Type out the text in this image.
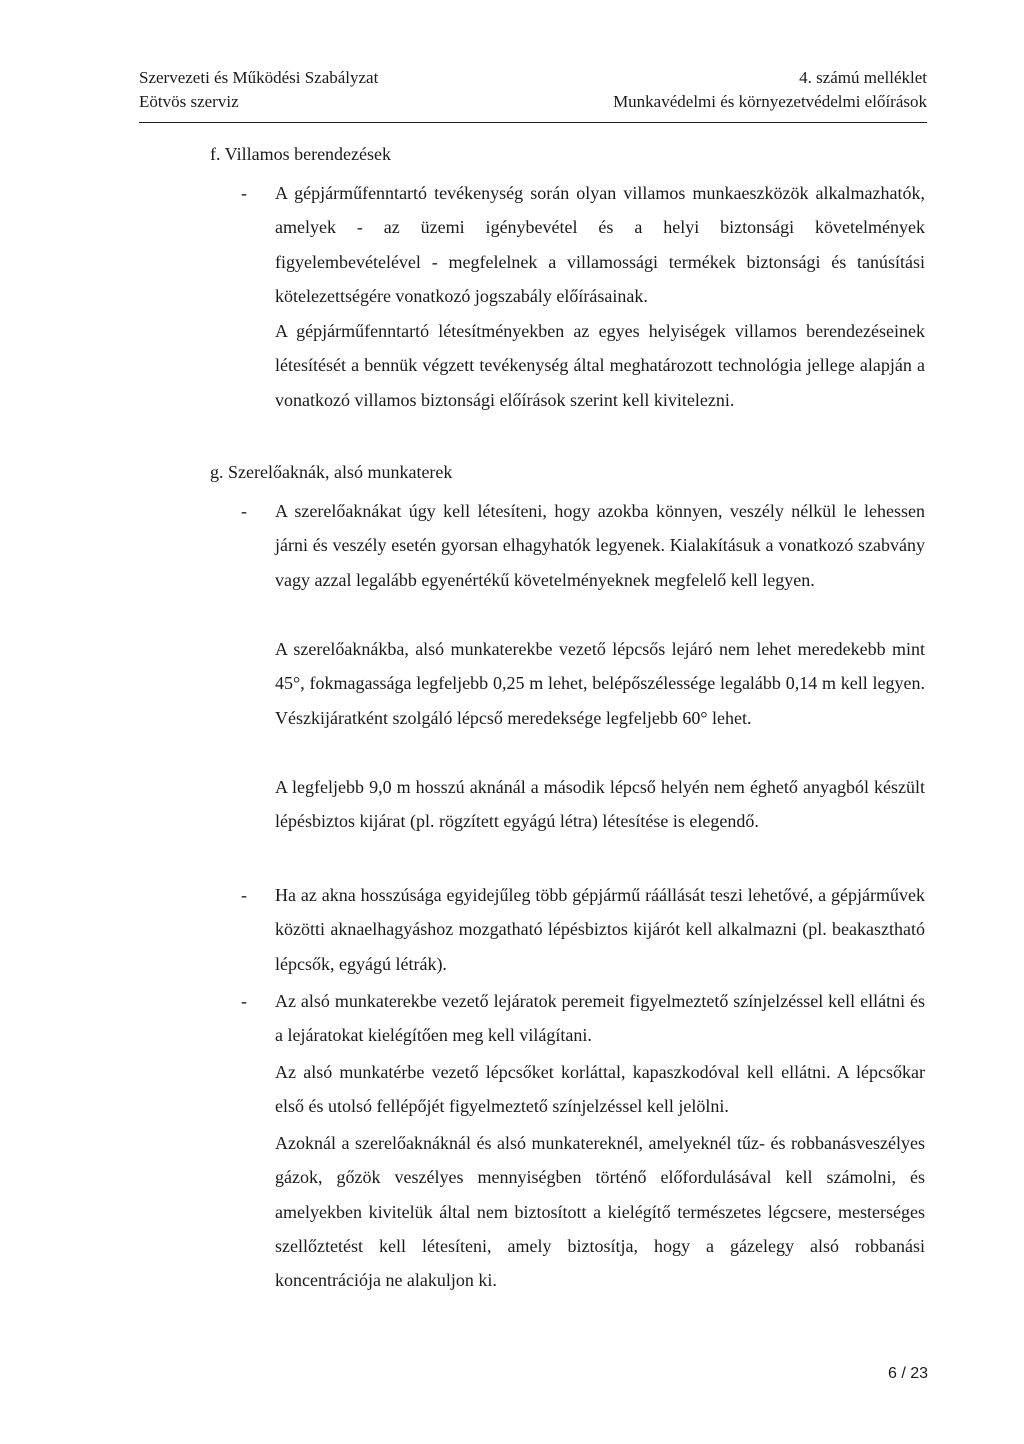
Szervezeti és Működési Szabályzat	4. számú melléklet
Eötvös szerviz	Munkavédelmi és környezetvédelmi előírások
f. Villamos berendezések
- A gépjárműfenntartó tevékenység során olyan villamos munkaeszközök alkalmazhatók, amelyek - az üzemi igénybevétel és a helyi biztonsági követelmények figyelembevételével - megfelelnek a villamossági termékek biztonsági és tanúsítási kötelezettségére vonatkozó jogszabály előírásainak.
A gépjárműfenntartó létesítményekben az egyes helyiségek villamos berendezéseinek létesítését a bennük végzett tevékenység által meghatározott technológia jellege alapján a vonatkozó villamos biztonsági előírások szerint kell kivitelezni.
g. Szerelőaknák, alsó munkaterek
- A szerelőaknákat úgy kell létesíteni, hogy azokba könnyen, veszély nélkül le lehessen járni és veszély esetén gyorsan elhagyhatók legyenek. Kialakításuk a vonatkozó szabvány vagy azzal legalább egyenértékű követelményeknek megfelelő kell legyen.
A szerelőaknákba, alsó munkaterekbe vezető lépcsős lejáró nem lehet meredekebb mint 45°, fokmagassága legfeljebb 0,25 m lehet, belépőszélessége legalább 0,14 m kell legyen. Vészkijáratként szolgáló lépcső meredeksége legfeljebb 60° lehet.
A legfeljebb 9,0 m hosszú aknánál a második lépcső helyén nem éghető anyagból készült lépésbiztos kijárat (pl. rögzített egyágú létra) létesítése is elegendő.
- Ha az akna hosszúsága egyidejűleg több gépjármű ráállását teszi lehetővé, a gépjárművek közötti aknaelhagyáshoz mozgatható lépésbiztos kijárót kell alkalmazni (pl. beakasztható lépcsők, egyágú létrák).
- Az alsó munkaterekbe vezető lejáratok peremeit figyelmeztető színjelzéssel kell ellátni és a lejáratokat kielégítően meg kell világítani.
Az alsó munkatérbe vezető lépcsőket korláttal, kapaszkodóval kell ellátni. A lépcsőkar első és utolsó fellépőjét figyelmeztető színjelzéssel kell jelölni.
Azoknál a szerelőaknáknál és alsó munkatereknél, amelyeknél tűz- és robbanásveszélyes gázok, gőzök veszélyes mennyiségben történő előfordulásával kell számolni, és amelyekben kivitelük által nem biztosított a kielégítő természetes légcsere, mesterséges szellőztetést kell létesíteni, amely biztosítja, hogy a gázelegy alsó robbanási koncentrációja ne alakuljon ki.
6 / 23
